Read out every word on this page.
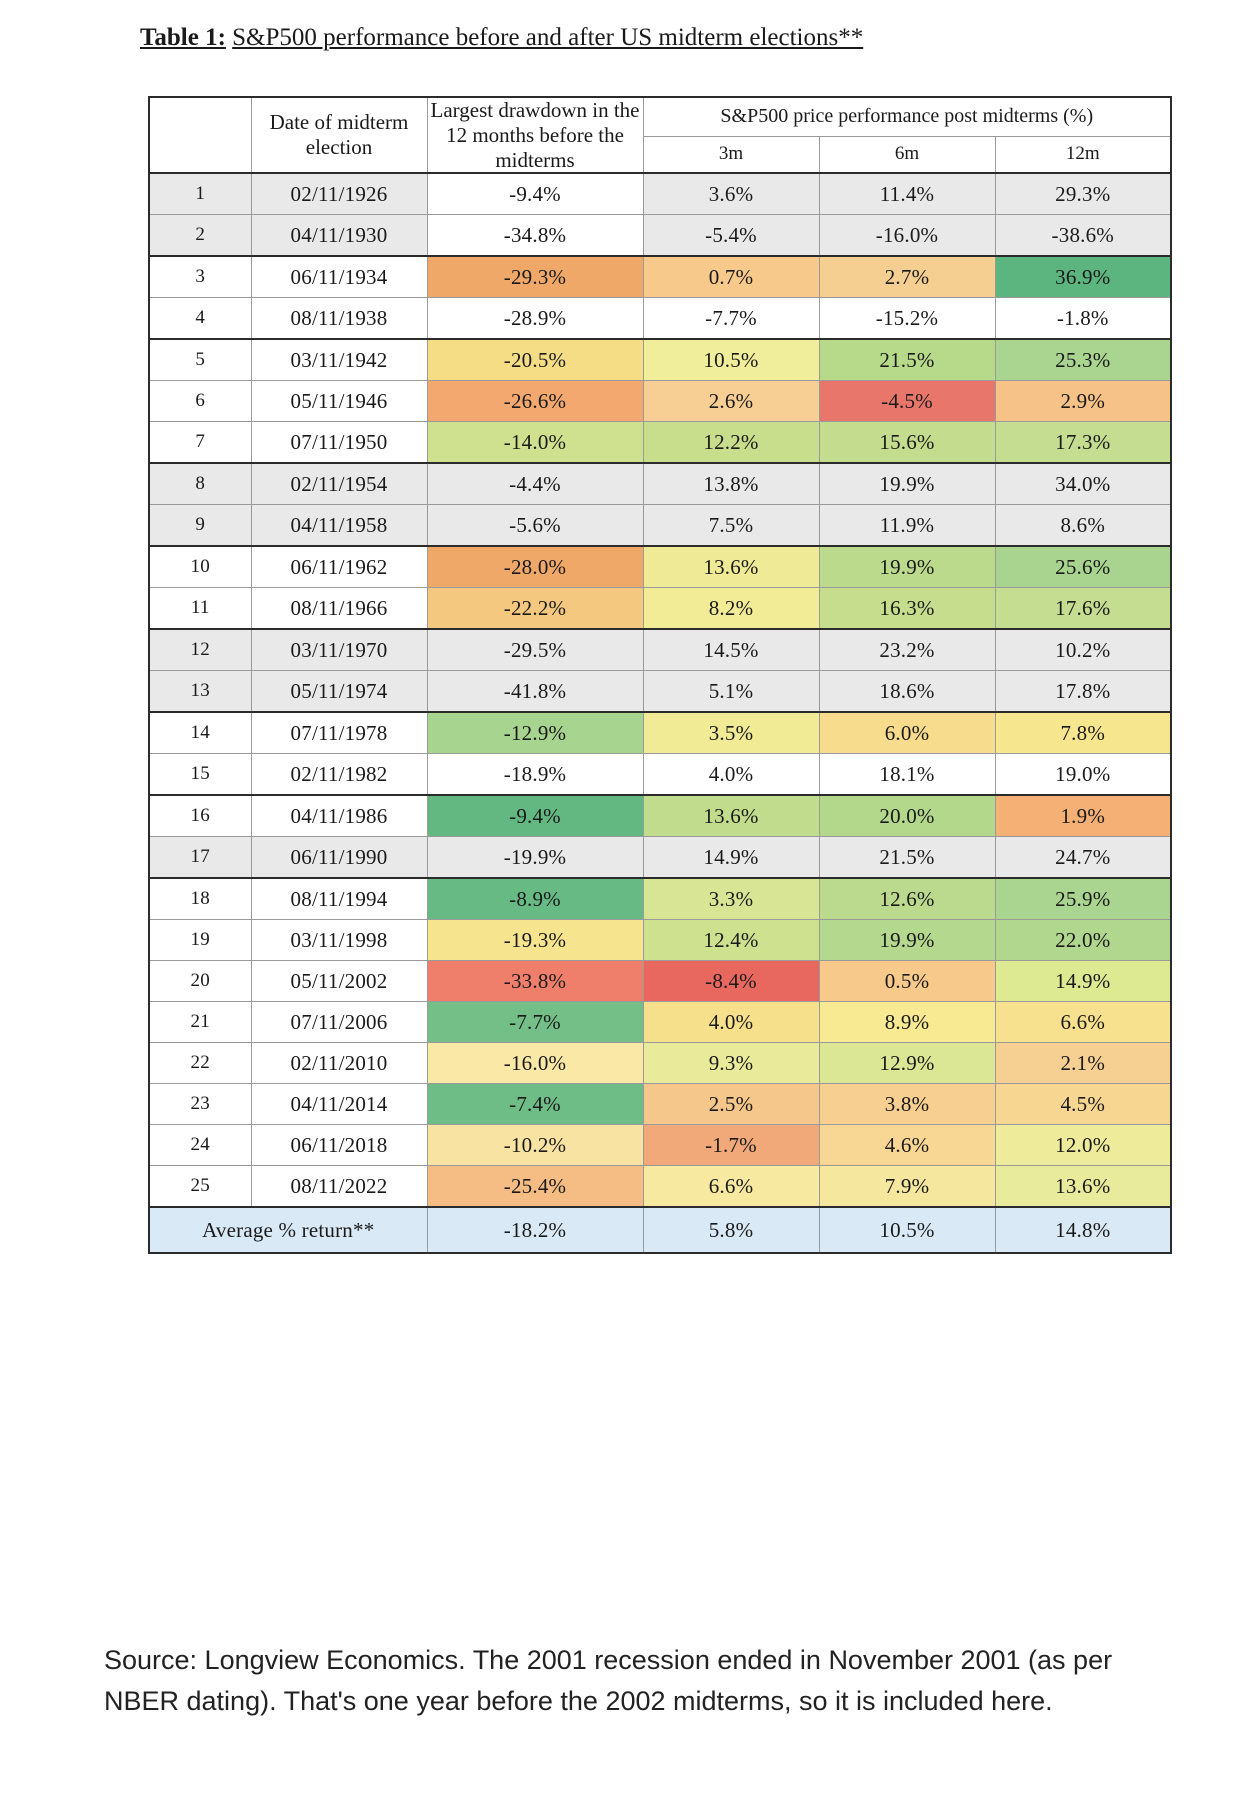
Table 1: S&P500 performance before and after US midterm elections**
	Date of midterm election	Largest drawdown in the 12 months before the midterms	S&P500 price performance post midterms (%)		
			3m	6m	12m
1	02/11/1926	-9.4%	3.6%	11.4%	29.3%
2	04/11/1930	-34.8%	-5.4%	-16.0%	-38.6%
3	06/11/1934	-29.3%	0.7%	2.7%	36.9%
4	08/11/1938	-28.9%	-7.7%	-15.2%	-1.8%
5	03/11/1942	-20.5%	10.5%	21.5%	25.3%
6	05/11/1946	-26.6%	2.6%	-4.5%	2.9%
7	07/11/1950	-14.0%	12.2%	15.6%	17.3%
8	02/11/1954	-4.4%	13.8%	19.9%	34.0%
9	04/11/1958	-5.6%	7.5%	11.9%	8.6%
10	06/11/1962	-28.0%	13.6%	19.9%	25.6%
11	08/11/1966	-22.2%	8.2%	16.3%	17.6%
12	03/11/1970	-29.5%	14.5%	23.2%	10.2%
13	05/11/1974	-41.8%	5.1%	18.6%	17.8%
14	07/11/1978	-12.9%	3.5%	6.0%	7.8%
15	02/11/1982	-18.9%	4.0%	18.1%	19.0%
16	04/11/1986	-9.4%	13.6%	20.0%	1.9%
17	06/11/1990	-19.9%	14.9%	21.5%	24.7%
18	08/11/1994	-8.9%	3.3%	12.6%	25.9%
19	03/11/1998	-19.3%	12.4%	19.9%	22.0%
20	05/11/2002	-33.8%	-8.4%	0.5%	14.9%
21	07/11/2006	-7.7%	4.0%	8.9%	6.6%
22	02/11/2010	-16.0%	9.3%	12.9%	2.1%
23	04/11/2014	-7.4%	2.5%	3.8%	4.5%
24	06/11/2018	-10.2%	-1.7%	4.6%	12.0%
25	08/11/2022	-25.4%	6.6%	7.9%	13.6%
Average % return**		-18.2%	5.8%	10.5%	14.8%
Source: Longview Economics. The 2001 recession ended in November 2001 (as per NBER dating). That's one year before the 2002 midterms, so it is included here.
